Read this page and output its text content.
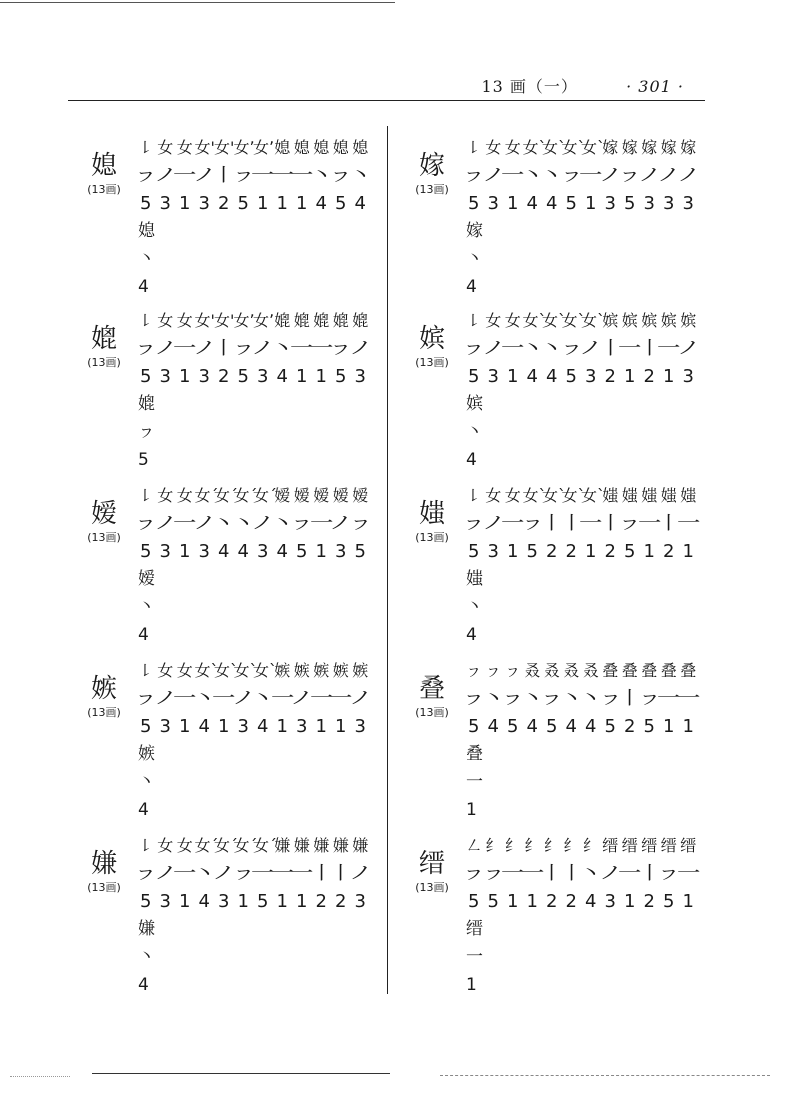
13 画（一）	· 301 ·
媳
(13画)
㇙ 女 女 女'女'女ʼ女ʼ媳 媳 媳 媳 媳
ㇷノ一ノ丨ㇷ一一一丶ㇷ丶
5 3 1 3 2 5 1 1 1 4 5 4
媳
丶
4
媲
(13画)
㇙ 女 女 女'女'女ʼ女ʼ媲 媲 媲 媲 媲
ㇷノ一ノ丨ㇷノ丶一一ㇷノ
5 3 1 3 2 5 3 4 1 1 5 3
媲
ㇷ
5
嫒
(13画)
㇙ 女 女 女ˊ女ˊ女ˊ女ˊ嫒 嫒 嫒 嫒 嫒
ㇷノ一ノ丶丶ノ丶ㇷ一ノㇷ
5 3 1 3 4 4 3 4 5 1 3 5
嫒
丶
4
嫉
(13画)
㇙ 女 女 女ˋ女ˋ女ˋ女ˋ嫉 嫉 嫉 嫉 嫉
ㇷノ一丶一ノ丶一ノ一一ノ
5 3 1 4 1 3 4 1 3 1 1 3
嫉
丶
4
嫌
(13画)
㇙ 女 女 女ˊ女ˊ女ˊ女ˊ嫌 嫌 嫌 嫌 嫌
ㇷノ一丶ノㇷ一一一丨丨ノ
5 3 1 4 3 1 5 1 1 2 2 3
嫌
丶
4
嫁
(13画)
㇙ 女 女 女ˋ女ˋ女ˋ女ˋ嫁 嫁 嫁 嫁 嫁
ㇷノ一丶丶ㇷ一ノㇷノノノ
5 3 1 4 4 5 1 3 5 3 3 3
嫁
丶
4
嫔
(13画)
㇙ 女 女 女ˋ女ˋ女ˋ女ˋ嫔 嫔 嫔 嫔 嫔
ㇷノ一丶丶ㇷノ丨一丨一ノ
5 3 1 4 4 5 3 2 1 2 1 3
嫔
丶
4
媸
(13画)
㇙ 女 女 女ˋ女ˋ女ˋ女ˋ媸 媸 媸 媸 媸
ㇷノ一ㇷ丨丨一丨ㇷ一丨一
5 3 1 5 2 2 1 2 5 1 2 1
媸
丶
4
叠
(13画)
ㇷ ㇷ ㇷ 叒 叒 叒 叒 叠 叠 叠 叠 叠
ㇷ丶ㇷ丶ㇷ丶丶ㇷ丨ㇷ一一
5 4 5 4 5 4 4 5 2 5 1 1
叠
一
1
缙
(13画)
㇜ 纟 纟 纟 纟 纟 纟 缙 缙 缙 缙 缙
ㇷㇷ一一丨丨丶ノ一丨ㇷ一
5 5 1 1 2 2 4 3 1 2 5 1
缙
一
1
